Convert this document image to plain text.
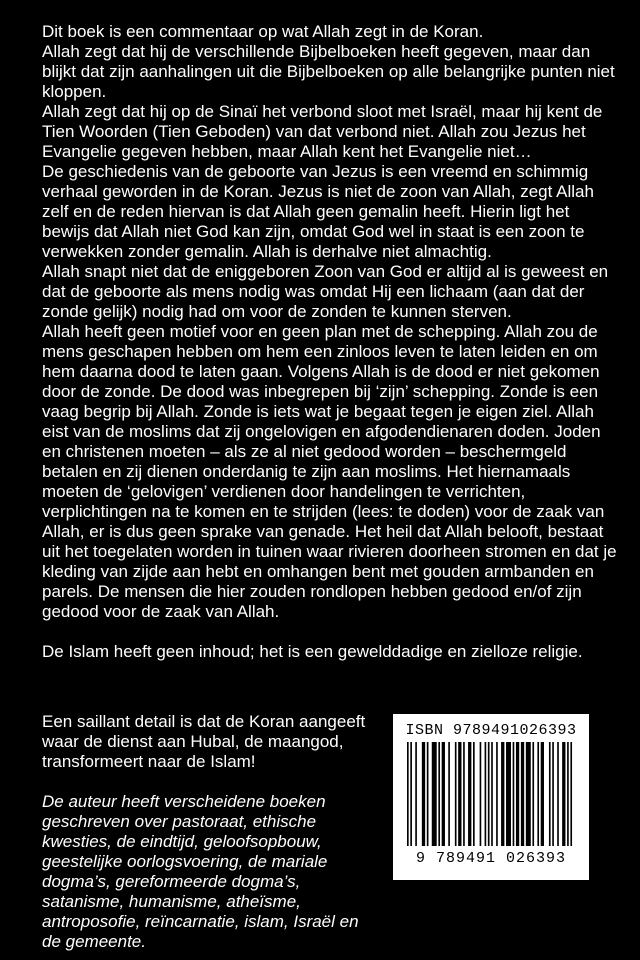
Dit boek is een commentaar op wat Allah zegt in de Koran.

Allah zegt dat hij de verschillende Bijbelboeken heeft gegeven, maar dan blijkt dat zijn aanhalingen uit die Bijbelboeken op alle belangrijke punten niet kloppen.

Allah zegt dat hij op de Sinaï het verbond sloot met Israël, maar hij kent de Tien Woorden (Tien Geboden) van dat verbond niet. Allah zou Jezus het Evangelie gegeven hebben, maar Allah kent het Evangelie niet…

De geschiedenis van de geboorte van Jezus is een vreemd en schimmig verhaal geworden in de Koran. Jezus is niet de zoon van Allah, zegt Allah zelf en de reden hiervan is dat Allah geen gemalin heeft. Hierin ligt het bewijs dat Allah niet God kan zijn, omdat God wel in staat is een zoon te verwekken zonder gemalin. Allah is derhalve niet almachtig.

Allah snapt niet dat de eniggeboren Zoon van God er altijd al is geweest en dat de geboorte als mens nodig was omdat Hij een lichaam (aan dat der zonde gelijk) nodig had om voor de zonden te kunnen sterven.

Allah heeft geen motief voor en geen plan met de schepping. Allah zou de mens geschapen hebben om hem een zinloos leven te laten leiden en om hem daarna dood te laten gaan. Volgens Allah is de dood er niet gekomen door de zonde. De dood was inbegrepen bij ‘zijn’ schepping. Zonde is een vaag begrip bij Allah. Zonde is iets wat je begaat tegen je eigen ziel. Allah eist van de moslims dat zij ongelovigen en afgodendienaren doden. Joden en christenen moeten – als ze al niet gedood worden – beschermgeld betalen en zij dienen onderdanig te zijn aan moslims. Het hiernamaals moeten de ‘gelovigen’ verdienen door handelingen te verrichten, verplichtingen na te komen en te strijden (lees: te doden) voor de zaak van Allah, er is dus geen sprake van genade. Het heil dat Allah belooft, bestaat uit het toegelaten worden in tuinen waar rivieren doorheen stromen en dat je kleding van zijde aan hebt en omhangen bent met gouden armbanden en parels. De mensen die hier zouden rondlopen hebben gedood en/of zijn gedood voor de zaak van Allah.

De Islam heeft geen inhoud; het is een gewelddadige en zielloze religie.

Een saillant detail is dat de Koran aangeeft waar de dienst aan Hubal, de maangod, transformeert naar de Islam!

De auteur heeft verscheidene boeken geschreven over pastoraat, ethische kwesties, de eindtijd, geloofsopbouw, geestelijke oorlogsvoering, de mariale dogma’s, gereformeerde dogma’s, satanisme, humanisme, atheïsme, antroposofie, reïncarnatie, islam, Israël en de gemeente.

ISBN 9789491026393
9 789491 026393
